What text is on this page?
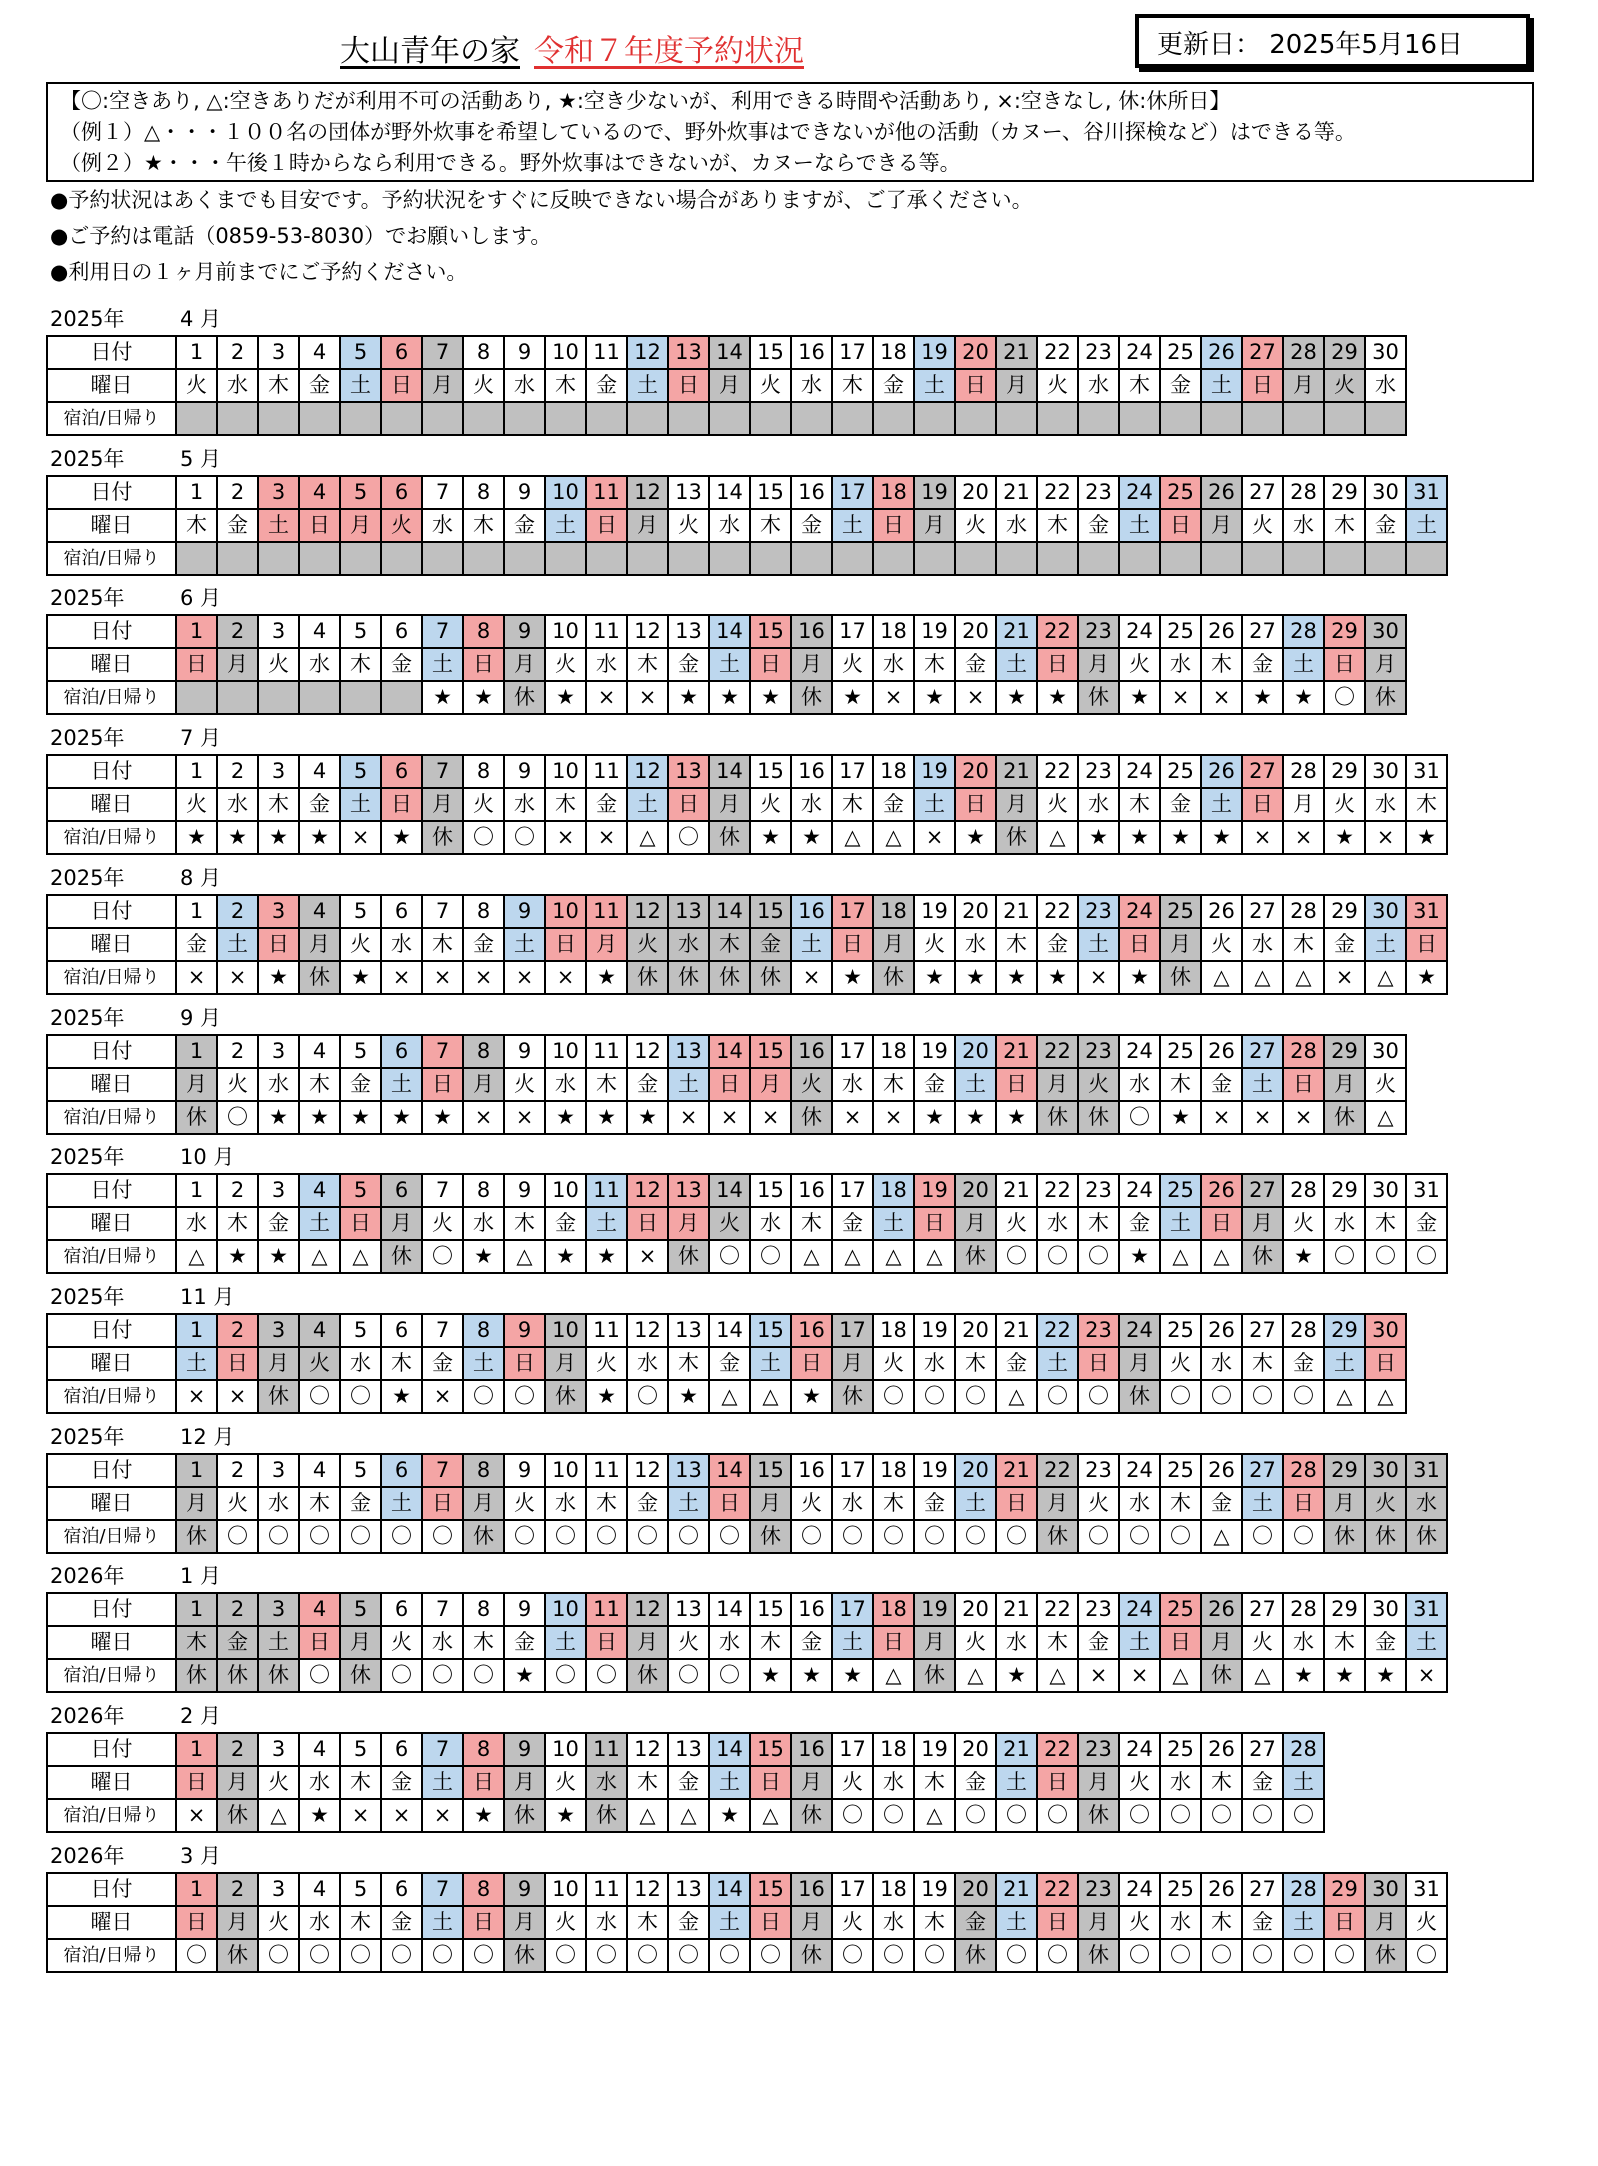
大山青年の家 令和７年度予約状況	更新日： 2025年5月16日
【〇:空きあり, △:空きありだが利用不可の活動あり, ★:空き少ないが、利用できる時間や活動あり, ×:空きなし, 休:休所日】
（例１）△・・・１００名の団体が野外炊事を希望しているので、野外炊事はできないが他の活動（カヌー、谷川探検など）はできる等。
（例２）★・・・午後１時からなら利用できる。野外炊事はできないが、カヌーならできる等。
●予約状況はあくまでも目安です。予約状況をすぐに反映できない場合がありますが、ご了承ください。
●ご予約は電話（0859-53-8030）でお願いします。
●利用日の１ヶ月前までにご予約ください。
2025年	4 月
日付	1	2	3	4	5	6	7	8	9	10	11	12	13	14	15	16	17	18	19	20	21	22	23	24	25	26	27	28	29	30
曜日	火	水	木	金	土	日	月	火	水	木	金	土	日	月	火	水	木	金	土	日	月	火	水	木	金	土	日	月	火	水
宿泊/日帰り																														
2025年	5 月
日付	1	2	3	4	5	6	7	8	9	10	11	12	13	14	15	16	17	18	19	20	21	22	23	24	25	26	27	28	29	30	31
曜日	木	金	土	日	月	火	水	木	金	土	日	月	火	水	木	金	土	日	月	火	水	木	金	土	日	月	火	水	木	金	土
宿泊/日帰り																															
2025年	6 月
日付	1	2	3	4	5	6	7	8	9	10	11	12	13	14	15	16	17	18	19	20	21	22	23	24	25	26	27	28	29	30
曜日	日	月	火	水	木	金	土	日	月	火	水	木	金	土	日	月	火	水	木	金	土	日	月	火	水	木	金	土	日	月
宿泊/日帰り							★	★	休	★	×	×	★	★	★	休	★	×	★	×	★	★	休	★	×	×	★	★	〇	休
2025年	7 月
日付	1	2	3	4	5	6	7	8	9	10	11	12	13	14	15	16	17	18	19	20	21	22	23	24	25	26	27	28	29	30	31
曜日	火	水	木	金	土	日	月	火	水	木	金	土	日	月	火	水	木	金	土	日	月	火	水	木	金	土	日	月	火	水	木
宿泊/日帰り	★	★	★	★	×	★	休	〇	〇	×	×	△	〇	休	★	★	△	△	×	★	休	△	★	★	★	★	×	×	★	×	★
2025年	8 月
日付	1	2	3	4	5	6	7	8	9	10	11	12	13	14	15	16	17	18	19	20	21	22	23	24	25	26	27	28	29	30	31
曜日	金	土	日	月	火	水	木	金	土	日	月	火	水	木	金	土	日	月	火	水	木	金	土	日	月	火	水	木	金	土	日
宿泊/日帰り	×	×	★	休	★	×	×	×	×	×	★	休	休	休	休	×	★	休	★	★	★	★	×	★	休	△	△	△	×	△	★
2025年	9 月
日付	1	2	3	4	5	6	7	8	9	10	11	12	13	14	15	16	17	18	19	20	21	22	23	24	25	26	27	28	29	30
曜日	月	火	水	木	金	土	日	月	火	水	木	金	土	日	月	火	水	木	金	土	日	月	火	水	木	金	土	日	月	火
宿泊/日帰り	休	〇	★	★	★	★	★	×	×	★	★	★	×	×	×	休	×	×	★	★	★	休	休	〇	★	×	×	×	休	△
2025年	10 月
日付	1	2	3	4	5	6	7	8	9	10	11	12	13	14	15	16	17	18	19	20	21	22	23	24	25	26	27	28	29	30	31
曜日	水	木	金	土	日	月	火	水	木	金	土	日	月	火	水	木	金	土	日	月	火	水	木	金	土	日	月	火	水	木	金
宿泊/日帰り	△	★	★	△	△	休	〇	★	△	★	★	×	休	〇	〇	△	△	△	△	休	〇	〇	〇	★	△	△	休	★	〇	〇	〇
2025年	11 月
日付	1	2	3	4	5	6	7	8	9	10	11	12	13	14	15	16	17	18	19	20	21	22	23	24	25	26	27	28	29	30
曜日	土	日	月	火	水	木	金	土	日	月	火	水	木	金	土	日	月	火	水	木	金	土	日	月	火	水	木	金	土	日
宿泊/日帰り	×	×	休	〇	〇	★	×	〇	〇	休	★	〇	★	△	△	★	休	〇	〇	〇	△	〇	〇	休	〇	〇	〇	〇	△	△
2025年	12 月
日付	1	2	3	4	5	6	7	8	9	10	11	12	13	14	15	16	17	18	19	20	21	22	23	24	25	26	27	28	29	30	31
曜日	月	火	水	木	金	土	日	月	火	水	木	金	土	日	月	火	水	木	金	土	日	月	火	水	木	金	土	日	月	火	水
宿泊/日帰り	休	〇	〇	〇	〇	〇	〇	休	〇	〇	〇	〇	〇	〇	休	〇	〇	〇	〇	〇	〇	休	〇	〇	〇	△	〇	〇	休	休	休
2026年	1 月
日付	1	2	3	4	5	6	7	8	9	10	11	12	13	14	15	16	17	18	19	20	21	22	23	24	25	26	27	28	29	30	31
曜日	木	金	土	日	月	火	水	木	金	土	日	月	火	水	木	金	土	日	月	火	水	木	金	土	日	月	火	水	木	金	土
宿泊/日帰り	休	休	休	〇	休	〇	〇	〇	★	〇	〇	休	〇	〇	★	★	★	△	休	△	★	△	×	×	△	休	△	★	★	★	×
2026年	2 月
日付	1	2	3	4	5	6	7	8	9	10	11	12	13	14	15	16	17	18	19	20	21	22	23	24	25	26	27	28
曜日	日	月	火	水	木	金	土	日	月	火	水	木	金	土	日	月	火	水	木	金	土	日	月	火	水	木	金	土
宿泊/日帰り	×	休	△	★	×	×	×	★	休	★	休	△	△	★	△	休	〇	〇	△	〇	〇	〇	休	〇	〇	〇	〇	〇
2026年	3 月
日付	1	2	3	4	5	6	7	8	9	10	11	12	13	14	15	16	17	18	19	20	21	22	23	24	25	26	27	28	29	30	31
曜日	日	月	火	水	木	金	土	日	月	火	水	木	金	土	日	月	火	水	木	金	土	日	月	火	水	木	金	土	日	月	火
宿泊/日帰り	〇	休	〇	〇	〇	〇	〇	〇	休	〇	〇	〇	〇	〇	〇	休	〇	〇	〇	休	〇	〇	休	〇	〇	〇	〇	〇	〇	休	〇
